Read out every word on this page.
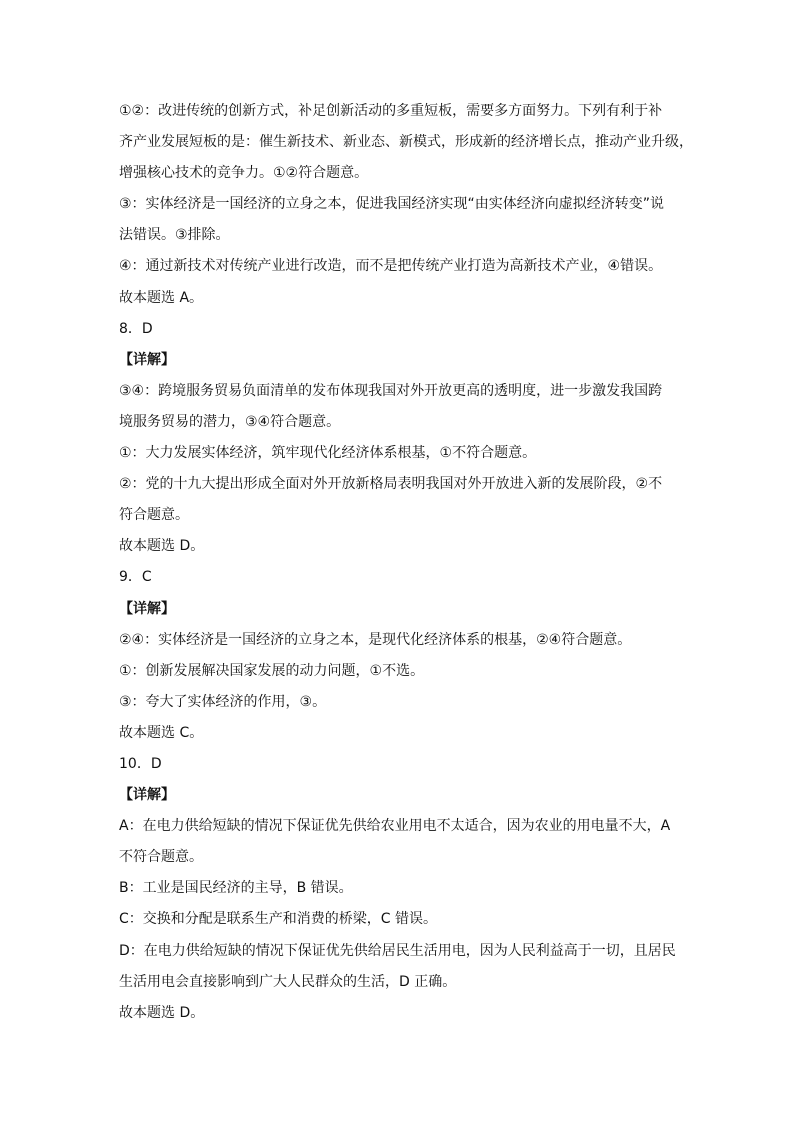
①②：改进传统的创新方式，补足创新活动的多重短板，需要多方面努力。下列有利于补
齐产业发展短板的是：催生新技术、新业态、新模式，形成新的经济增长点，推动产业升级，
增强核心技术的竞争力。①②符合题意。
③：实体经济是一国经济的立身之本，促进我国经济实现“由实体经济向虚拟经济转变”说
法错误。③排除。
④：通过新技术对传统产业进行改造，而不是把传统产业打造为高新技术产业，④错误。
故本题选 A。
8．D
【详解】
③④：跨境服务贸易负面清单的发布体现我国对外开放更高的透明度，进一步激发我国跨
境服务贸易的潜力，③④符合题意。
①：大力发展实体经济，筑牢现代化经济体系根基，①不符合题意。
②：党的十九大提出形成全面对外开放新格局表明我国对外开放进入新的发展阶段，②不
符合题意。
故本题选 D。
9．C
【详解】
②④：实体经济是一国经济的立身之本，是现代化经济体系的根基，②④符合题意。
①：创新发展解决国家发展的动力问题，①不选。
③：夸大了实体经济的作用，③。
故本题选 C。
10．D
【详解】
A：在电力供给短缺的情况下保证优先供给农业用电不太适合，因为农业的用电量不大，A
不符合题意。
B：工业是国民经济的主导，B 错误。
C：交换和分配是联系生产和消费的桥梁，C 错误。
D：在电力供给短缺的情况下保证优先供给居民生活用电，因为人民利益高于一切，且居民
生活用电会直接影响到广大人民群众的生活，D 正确。
故本题选 D。
